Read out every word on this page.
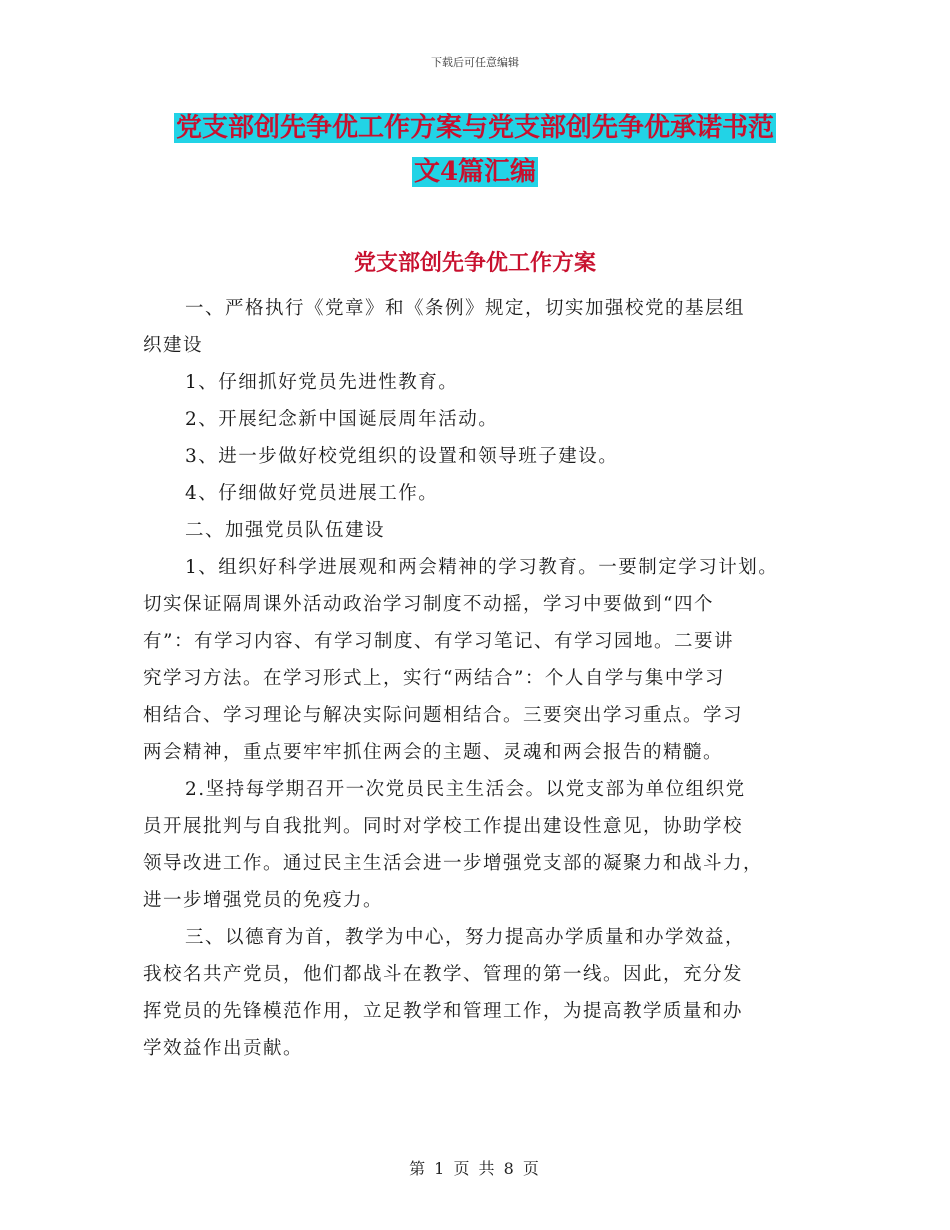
下载后可任意编辑
党支部创先争优工作方案与党支部创先争优承诺书范
文4篇汇编
党支部创先争优工作方案
一、严格执行《党章》和《条例》规定，切实加强校党的基层组
织建设
1、仔细抓好党员先进性教育。
2、开展纪念新中国诞辰周年活动。
3、进一步做好校党组织的设置和领导班子建设。
4、仔细做好党员进展工作。
二、加强党员队伍建设
1、组织好科学进展观和两会精神的学习教育。一要制定学习计划。
切实保证隔周课外活动政治学习制度不动摇，学习中要做到“四个
有”：有学习内容、有学习制度、有学习笔记、有学习园地。二要讲
究学习方法。在学习形式上，实行“两结合”：个人自学与集中学习
相结合、学习理论与解决实际问题相结合。三要突出学习重点。学习
两会精神，重点要牢牢抓住两会的主题、灵魂和两会报告的精髓。
2.坚持每学期召开一次党员民主生活会。以党支部为单位组织党
员开展批判与自我批判。同时对学校工作提出建设性意见，协助学校
领导改进工作。通过民主生活会进一步增强党支部的凝聚力和战斗力，
进一步增强党员的免疫力。
三、以德育为首，教学为中心，努力提高办学质量和办学效益，
我校名共产党员，他们都战斗在教学、管理的第一线。因此，充分发
挥党员的先锋模范作用，立足教学和管理工作，为提高教学质量和办
学效益作出贡献。
第 1 页 共 8 页
